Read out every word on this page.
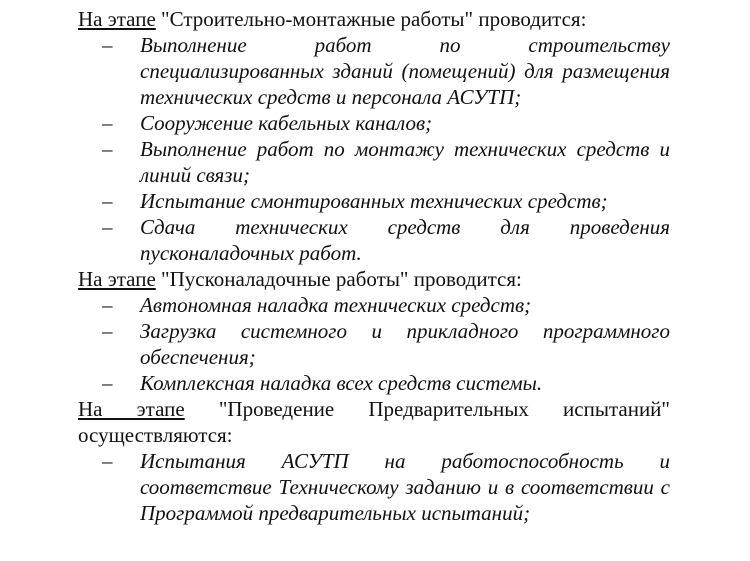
На этапе "Строительно-монтажные работы" проводится:

– Выполнение работ по строительству специализированных зданий (помещений) для размещения технических средств и персонала АСУТП;
– Сооружение кабельных каналов;
– Выполнение работ по монтажу технических средств и линий связи;
– Испытание смонтированных технических средств;
– Сдача технических средств для проведения пусконаладочных работ.

На этапе "Пусконаладочные работы" проводится:

– Автономная наладка технических средств;
– Загрузка системного и прикладного программного обеспечения;
– Комплексная наладка всех средств системы.

На этапе "Проведение Предварительных испытаний" осуществляются:

– Испытания АСУТП на работоспособность и соответствие Техническому заданию и в соответствии с Программой предварительных испытаний;
